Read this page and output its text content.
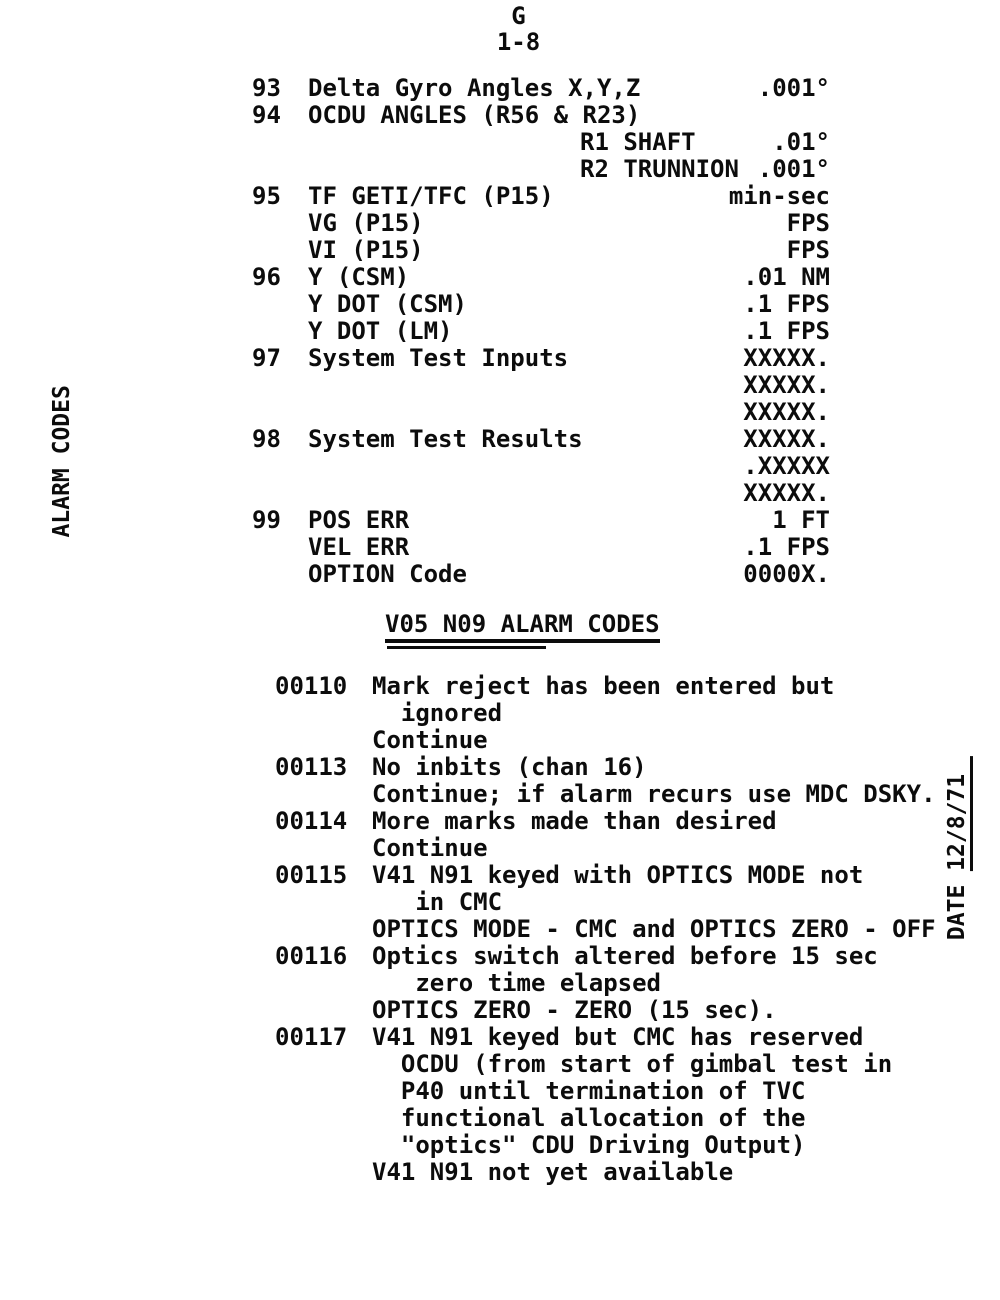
G
1-8

ALARM CODES

DATE 12/8/71
93	Delta Gyro Angles X,Y,Z	.001°
94	OCDU ANGLES (R56 & R23)
R1 SHAFT	.01°
R2 TRUNNION .001°
95	TF GETI/TFC (P15)	min-sec
VG (P15)	FPS
VI (P15)	FPS
96	Y (CSM)	.01 NM
Y DOT (CSM)	.1 FPS
Y DOT (LM)	.1 FPS
97	System Test Inputs	XXXXX.
XXXXX.
XXXXX.
98	System Test Results	XXXXX.
.XXXXX
XXXXX.
99	POS ERR	1 FT
VEL ERR	.1 FPS
OPTION Code	0000X.
V05 N09 ALARM CODES
00110	Mark reject has been entered but
ignored
Continue
00113	No inbits (chan 16)
Continue; if alarm recurs use MDC DSKY.
00114	More marks made than desired
Continue
00115	V41 N91 keyed with OPTICS MODE not
in CMC
OPTICS MODE - CMC and OPTICS ZERO - OFF
00116	Optics switch altered before 15 sec
zero time elapsed
OPTICS ZERO - ZERO (15 sec).
00117	V41 N91 keyed but CMC has reserved
OCDU (from start of gimbal test in
P40 until termination of TVC
functional allocation of the
"optics" CDU Driving Output)
V41 N91 not yet available
